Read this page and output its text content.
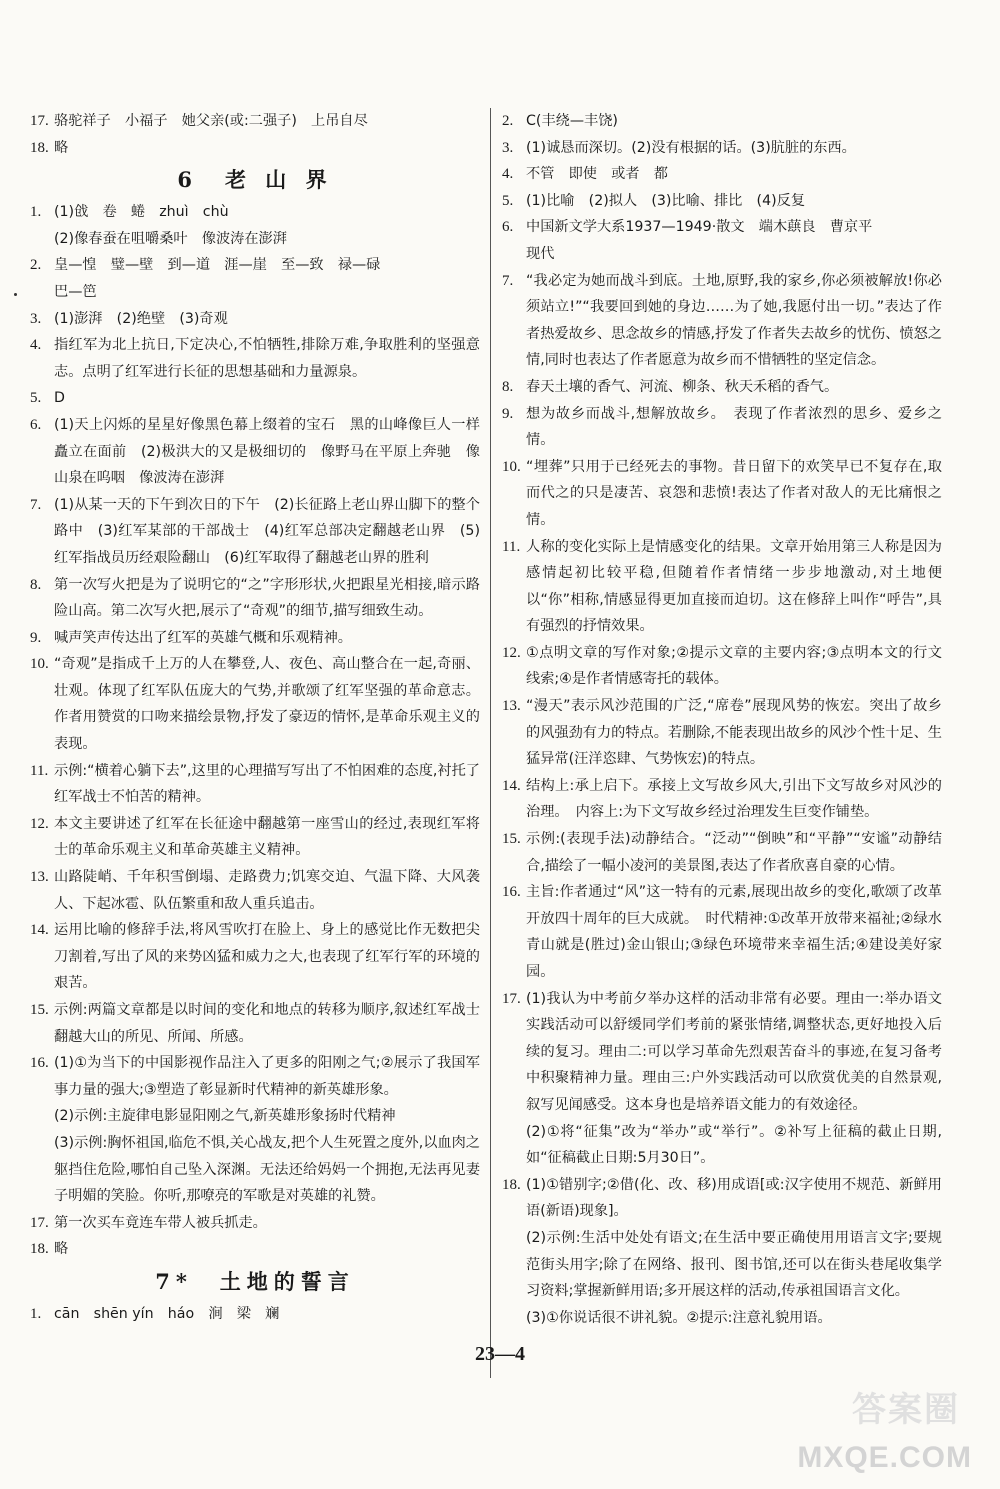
17. 骆驼祥子　小福子　她父亲(或:二强子)　上吊自尽
18. 略
6　老 山 界
1. (1)戗　卷　蜷　zhuì　chù

(2)像春蚕在咀嚼桑叶　像波涛在澎湃

2. 皇—惶　璧—壁　到—道　涯—崖　至—致　禄—碌

巴—笆

3. (1)澎湃　(2)绝壁　(3)奇观

4. 指红军为北上抗日,下定决心,不怕牺牲,排除万难,争取胜利的坚强意志。点明了红军进行长征的思想基础和力量源泉。

5. D

6. (1)天上闪烁的星星好像黑色幕上缀着的宝石　黑的山峰像巨人一样矗立在面前　(2)极洪大的又是极细切的　像野马在平原上奔驰　像山泉在呜咽　像波涛在澎湃

7. (1)从某一天的下午到次日的下午　(2)长征路上老山界山脚下的整个路中　(3)红军某部的干部战士　(4)红军总部决定翻越老山界　(5)红军指战员历经艰险翻山　(6)红军取得了翻越老山界的胜利

8. 第一次写火把是为了说明它的“之”字形形状,火把跟星光相接,暗示路险山高。第二次写火把,展示了“奇观”的细节,描写细致生动。

9. 喊声笑声传达出了红军的英雄气概和乐观精神。

10. “奇观”是指成千上万的人在攀登,人、夜色、高山整合在一起,奇丽、壮观。体现了红军队伍庞大的气势,并歌颂了红军坚强的革命意志。作者用赞赏的口吻来描绘景物,抒发了豪迈的情怀,是革命乐观主义的表现。

11. 示例:“横着心躺下去”,这里的心理描写写出了不怕困难的态度,衬托了红军战士不怕苦的精神。

12. 本文主要讲述了红军在长征途中翻越第一座雪山的经过,表现红军将士的革命乐观主义和革命英雄主义精神。

13. 山路陡峭、千年积雪倒塌、走路费力;饥寒交迫、气温下降、大风袭人、下起冰雹、队伍繁重和敌人重兵追击。

14. 运用比喻的修辞手法,将风雪吹打在脸上、身上的感觉比作无数把尖刀割着,写出了风的来势凶猛和威力之大,也表现了红军行军的环境的艰苦。

15. 示例:两篇文章都是以时间的变化和地点的转移为顺序,叙述红军战士翻越大山的所见、所闻、所感。

16. (1)①为当下的中国影视作品注入了更多的阳刚之气;②展示了我国军事力量的强大;③塑造了彰显新时代精神的新英雄形象。

(2)示例:主旋律电影显阳刚之气,新英雄形象扬时代精神

(3)示例:胸怀祖国,临危不惧,关心战友,把个人生死置之度外,以血肉之躯挡住危险,哪怕自己坠入深渊。无法还给妈妈一个拥抱,无法再见妻子明媚的笑脸。你听,那嘹亮的军歌是对英雄的礼赞。

17. 第一次买车竟连车带人被兵抓走。

18. 略

7*　土地的誓言
1. cān　shēn yín　háo　涧　梁　斓

2. C(丰绕—丰饶)

3. (1)诚恳而深切。(2)没有根据的话。(3)肮脏的东西。

4. 不管　即使　或者　都

5. (1)比喻　(2)拟人　(3)比喻、排比　(4)反复

6. 中国新文学大系1937—1949·散文　端木蕻良　曹京平

现代

7. “我必定为她而战斗到底。土地,原野,我的家乡,你必须被解放!你必须站立!”“我要回到她的身边……为了她,我愿付出一切。”表达了作者热爱故乡、思念故乡的情感,抒发了作者失去故乡的忧伤、愤怒之情,同时也表达了作者愿意为故乡而不惜牺牲的坚定信念。

8. 春天土壤的香气、河流、柳条、秋天禾稻的香气。

9. 想为故乡而战斗,想解放故乡。　表现了作者浓烈的思乡、爱乡之情。

10. “埋葬”只用于已经死去的事物。昔日留下的欢笑早已不复存在,取而代之的只是凄苦、哀怨和悲愤!表达了作者对敌人的无比痛恨之情。

11. 人称的变化实际上是情感变化的结果。文章开始用第三人称是因为感情起初比较平稳,但随着作者情绪一步步地激动,对土地便以“你”相称,情感显得更加直接而迫切。这在修辞上叫作“呼告”,具有强烈的抒情效果。

12. ①点明文章的写作对象;②提示文章的主要内容;③点明本文的行文线索;④是作者情感寄托的载体。

13. “漫天”表示风沙范围的广泛,“席卷”展现风势的恢宏。突出了故乡的风强劲有力的特点。若删除,不能表现出故乡的风沙个性十足、生猛异常(汪洋恣肆、气势恢宏)的特点。

14. 结构上:承上启下。承接上文写故乡风大,引出下文写故乡对风沙的治理。　内容上:为下文写故乡经过治理发生巨变作铺垫。

15. 示例:(表现手法)动静结合。“泛动”“倒映”和“平静”“安谧”动静结合,描绘了一幅小凌河的美景图,表达了作者欣喜自豪的心情。

16. 主旨:作者通过“风”这一特有的元素,展现出故乡的变化,歌颂了改革开放四十周年的巨大成就。　时代精神:①改革开放带来福祉;②绿水青山就是(胜过)金山银山;③绿色环境带来幸福生活;④建设美好家园。

17. (1)我认为中考前夕举办这样的活动非常有必要。理由一:举办语文实践活动可以舒缓同学们考前的紧张情绪,调整状态,更好地投入后续的复习。理由二:可以学习革命先烈艰苦奋斗的事迹,在复习备考中积聚精神力量。理由三:户外实践活动可以欣赏优美的自然景观,叙写见闻感受。这本身也是培养语文能力的有效途径。

(2)①将“征集”改为“举办”或“举行”。②补写上征稿的截止日期,如“征稿截止日期:5月30日”。

18. (1)①错别字;②借(化、改、移)用成语[或:汉字使用不规范、新鲜用语(新语)现象]。

(2)示例:生活中处处有语文;在生活中要正确使用用语言文字;要规范街头用字;除了在网络、报刊、图书馆,还可以在街头巷尾收集学习资料;掌握新鲜用语;多开展这样的活动,传承祖国语言文化。

(3)①你说话很不讲礼貌。②提示:注意礼貌用语。

23—4
答案圈
MXQE.COM
